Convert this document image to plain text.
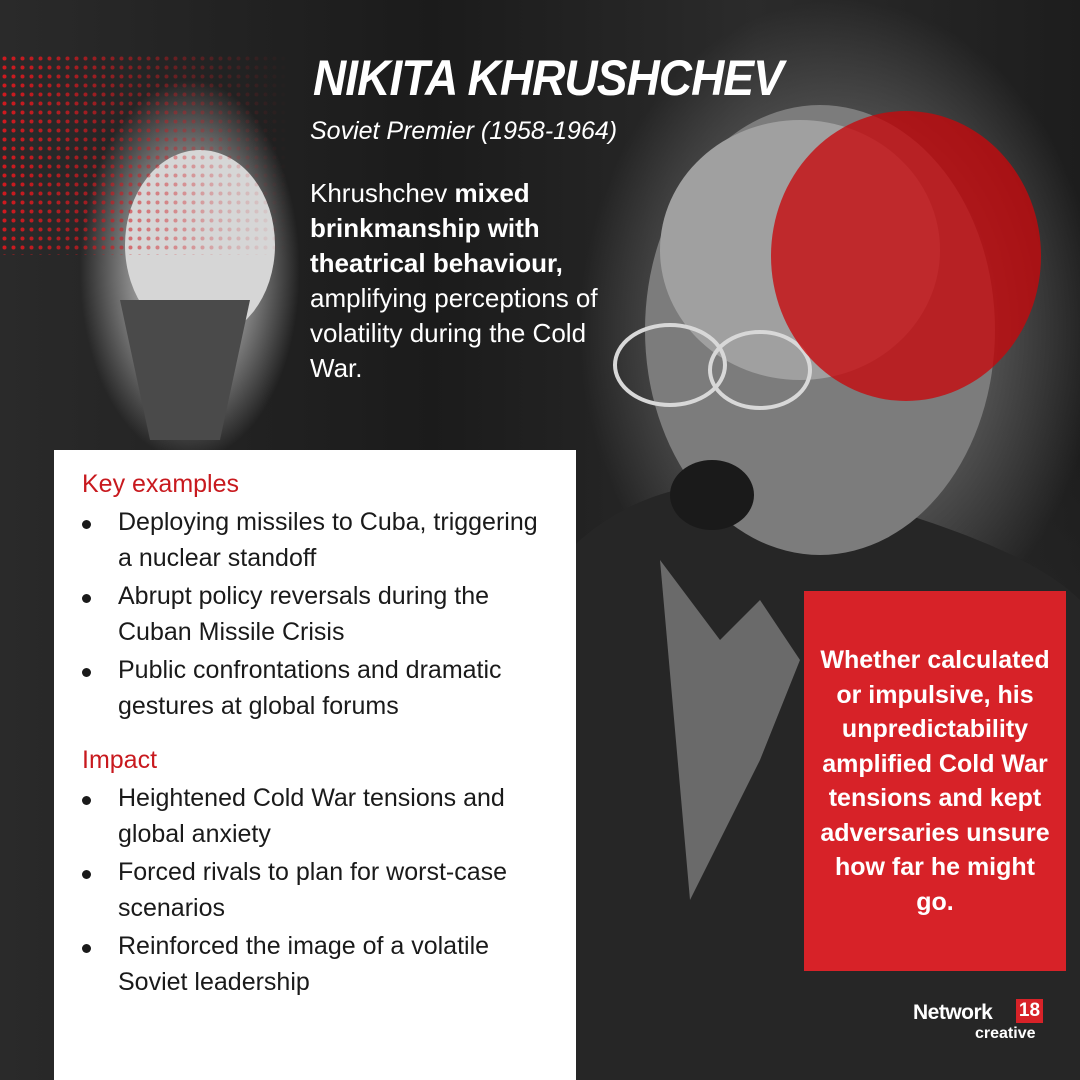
NIKITA KHRUSHCHEV
Soviet Premier (1958-1964)
Khrushchev mixed brinkmanship with theatrical behaviour, amplifying perceptions of volatility during the Cold War.
Key examples
Deploying missiles to Cuba, triggering a nuclear standoff
Abrupt policy reversals during the Cuban Missile Crisis
Public confrontations and dramatic gestures at global forums
Impact
Heightened Cold War tensions and global anxiety
Forced rivals to plan for worst-case scenarios
Reinforced the image of a volatile Soviet leadership
Whether calculated or impulsive, his unpredictability amplified Cold War tensions and kept adversaries unsure how far he might go.
Network 18
creative
